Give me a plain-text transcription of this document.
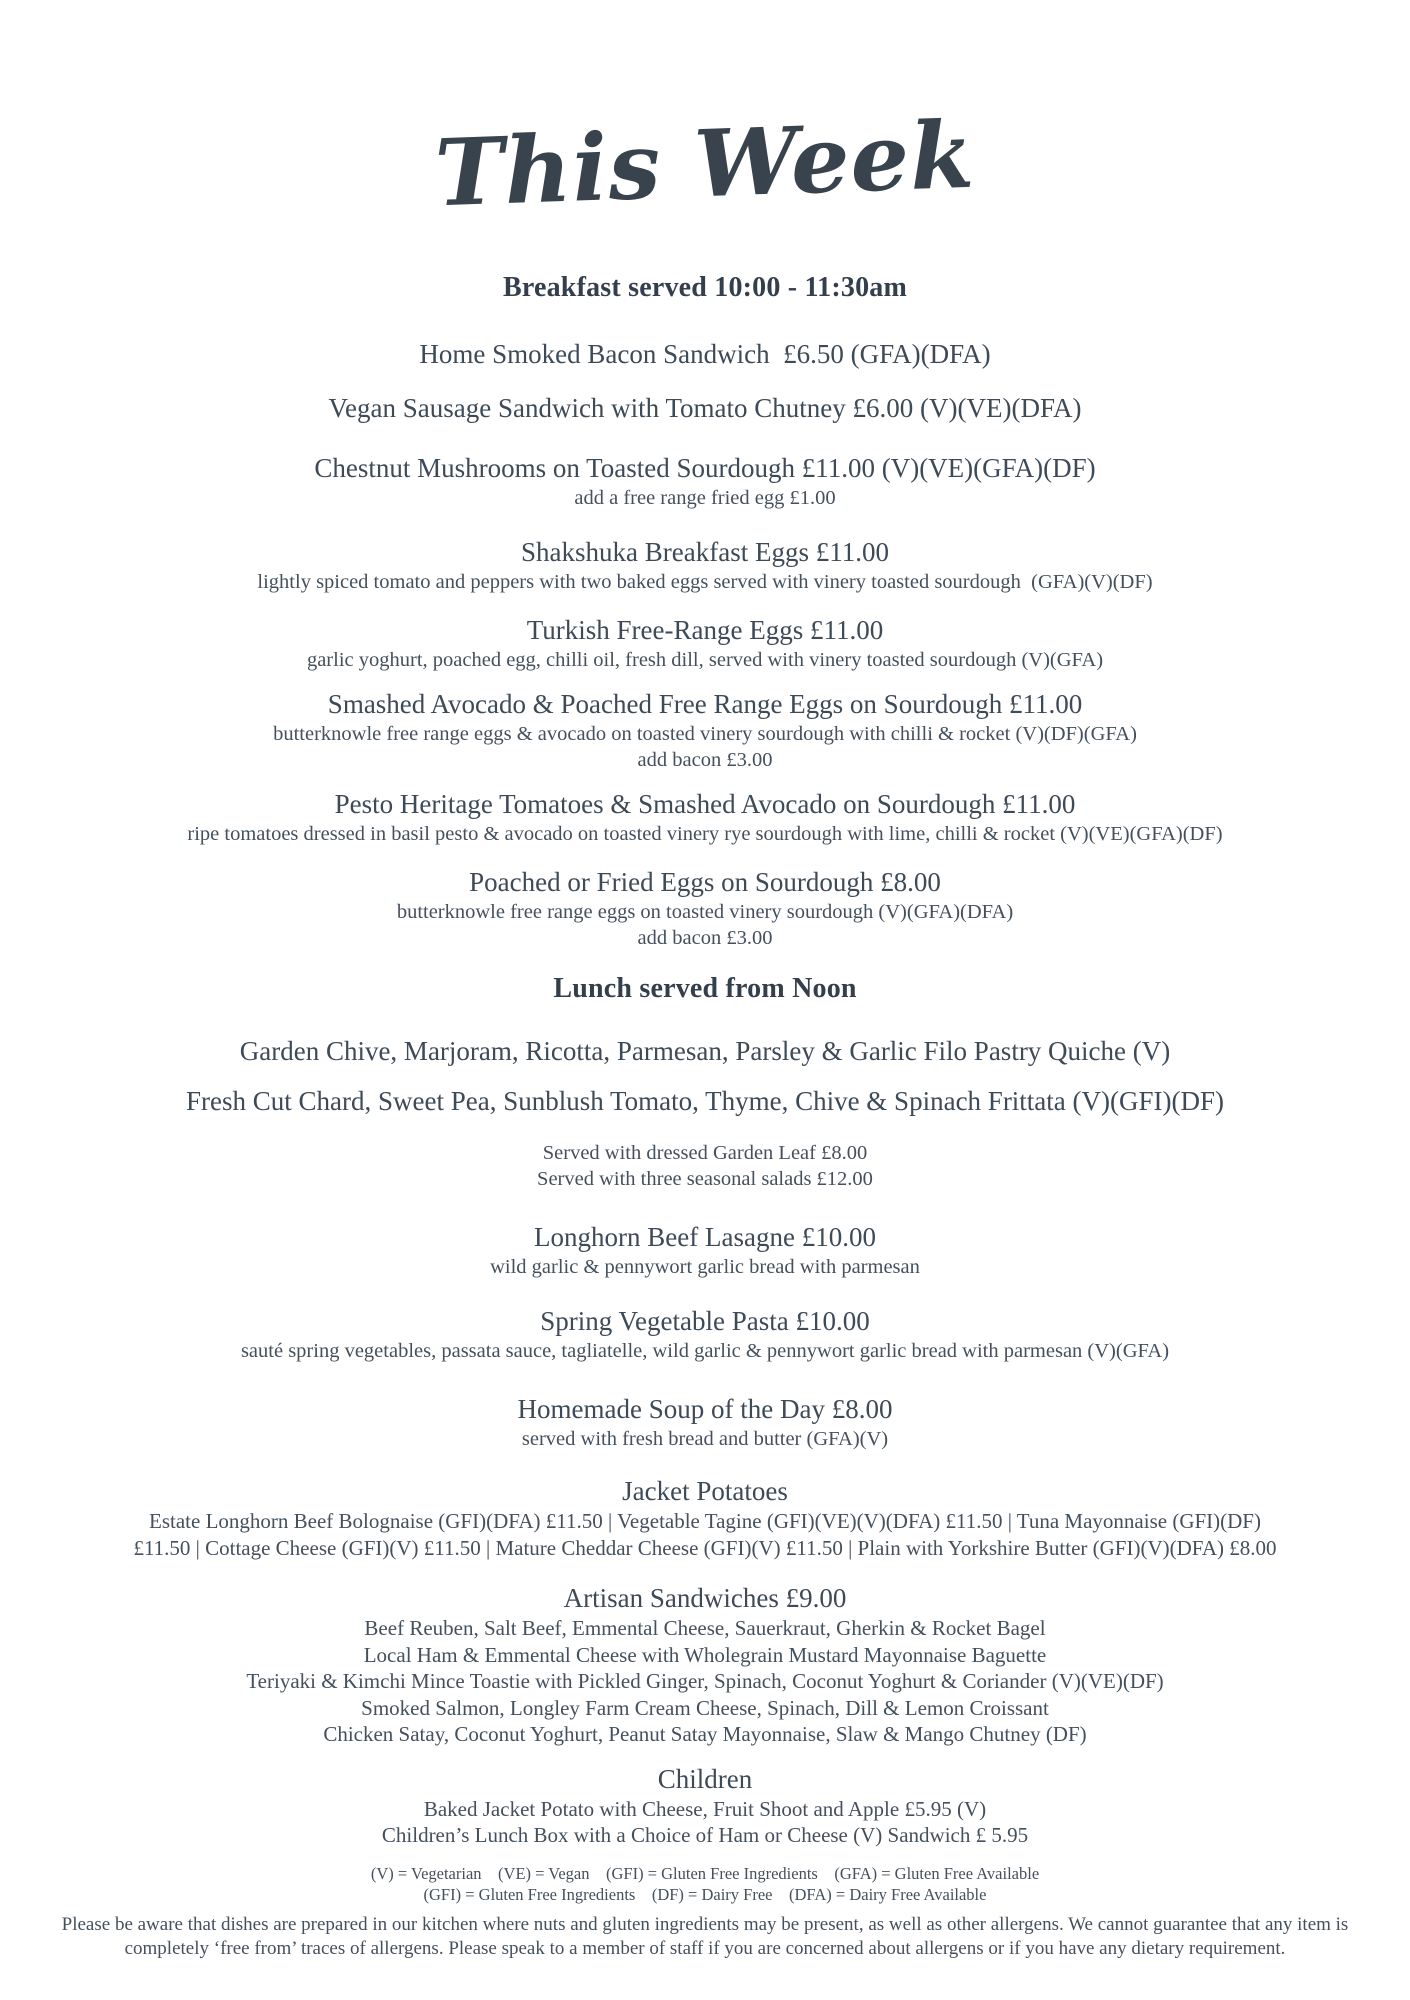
This Week
Breakfast served 10:00 - 11:30am
Home Smoked Bacon Sandwich  £6.50 (GFA)(DFA)
Vegan Sausage Sandwich with Tomato Chutney £6.00 (V)(VE)(DFA)
Chestnut Mushrooms on Toasted Sourdough £11.00 (V)(VE)(GFA)(DF)
add a free range fried egg £1.00
Shakshuka Breakfast Eggs £11.00
lightly spiced tomato and peppers with two baked eggs served with vinery toasted sourdough  (GFA)(V)(DF)
Turkish Free-Range Eggs £11.00
garlic yoghurt, poached egg, chilli oil, fresh dill, served with vinery toasted sourdough (V)(GFA)
Smashed Avocado & Poached Free Range Eggs on Sourdough £11.00
butterknowle free range eggs & avocado on toasted vinery sourdough with chilli & rocket (V)(DF)(GFA)
add bacon £3.00
Pesto Heritage Tomatoes & Smashed Avocado on Sourdough £11.00
ripe tomatoes dressed in basil pesto & avocado on toasted vinery rye sourdough with lime, chilli & rocket (V)(VE)(GFA)(DF)
Poached or Fried Eggs on Sourdough £8.00
butterknowle free range eggs on toasted vinery sourdough (V)(GFA)(DFA)
add bacon £3.00
Lunch served from Noon
Garden Chive, Marjoram, Ricotta, Parmesan, Parsley & Garlic Filo Pastry Quiche (V)
Fresh Cut Chard, Sweet Pea, Sunblush Tomato, Thyme, Chive & Spinach Frittata (V)(GFI)(DF)
Served with dressed Garden Leaf £8.00
Served with three seasonal salads £12.00
Longhorn Beef Lasagne £10.00
wild garlic & pennywort garlic bread with parmesan
Spring Vegetable Pasta £10.00
sauté spring vegetables, passata sauce, tagliatelle, wild garlic & pennywort garlic bread with parmesan (V)(GFA)
Homemade Soup of the Day £8.00
served with fresh bread and butter (GFA)(V)
Jacket Potatoes
Estate Longhorn Beef Bolognaise (GFI)(DFA) £11.50 | Vegetable Tagine (GFI)(VE)(V)(DFA) £11.50 | Tuna Mayonnaise (GFI)(DF)
£11.50 | Cottage Cheese (GFI)(V) £11.50 | Mature Cheddar Cheese (GFI)(V) £11.50 | Plain with Yorkshire Butter (GFI)(V)(DFA) £8.00
Artisan Sandwiches £9.00
Beef Reuben, Salt Beef, Emmental Cheese, Sauerkraut, Gherkin & Rocket Bagel
Local Ham & Emmental Cheese with Wholegrain Mustard Mayonnaise Baguette
Teriyaki & Kimchi Mince Toastie with Pickled Ginger, Spinach, Coconut Yoghurt & Coriander (V)(VE)(DF)
Smoked Salmon, Longley Farm Cream Cheese, Spinach, Dill & Lemon Croissant
Chicken Satay, Coconut Yoghurt, Peanut Satay Mayonnaise, Slaw & Mango Chutney (DF)
Children
Baked Jacket Potato with Cheese, Fruit Shoot and Apple £5.95 (V)
Children’s Lunch Box with a Choice of Ham or Cheese (V) Sandwich £ 5.95
(V) = Vegetarian    (VE) = Vegan    (GFI) = Gluten Free Ingredients    (GFA) = Gluten Free Available
(GFI) = Gluten Free Ingredients    (DF) = Dairy Free    (DFA) = Dairy Free Available
Please be aware that dishes are prepared in our kitchen where nuts and gluten ingredients may be present, as well as other allergens. We cannot guarantee that any item is completely ‘free from’ traces of allergens. Please speak to a member of staff if you are concerned about allergens or if you have any dietary requirement.
